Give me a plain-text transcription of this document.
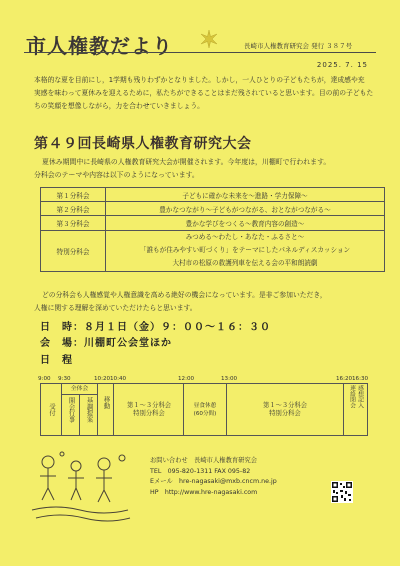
市人権教だより	長崎市人権教育研究会 発行 ３８７号
2025. 7. 15

本格的な夏を目前にし，1学期も残りわずかとなりました。しかし，一人ひとりの子どもたちが，達成感や充

実感を味わって夏休みを迎えるために，私たちができることはまだ残されていると思います。目の前の子どもた

ちの笑顔を想像しながら，力を合わせていきましょう。

第４９回長崎県人権教育研究大会

夏休み期間中に長崎県の人権教育研究大会が開催されます。今年度は，川棚町で行われます。

分科会のテーマや内容は以下のようになっています。

第１分科会	子どもに確かな未来を～進路・学力保障～
第２分科会	豊かなつながり～子どもがつながる、おとながつながる～
第３分科会	豊かな学びをつくる～教育内容の創造～
特別分科会	みつめる～わたし・あなた・ふるさと～
「誰もが住みやすい町づくり」をテーマにしたパネルディスカッション
大村市の松原の救護列車を伝える会の平和朗読劇

どの分科会も人権感覚や人権意識を高める絶好の機会になっています。是非ご参加いただき，

人権に関する理解を深めていただけたらと思います。

日　時：８月１日（金）９：００～１６：３０
会　場：川棚町公会堂ほか
日　程
9:00 9:30	10:20 10:40	12:00	13:00	16:20 16:30
受付
全体会
開会行事 基調提案 移動	第１～３分科会
特別分科会
昼食休憩
(60分間)
第１～３分科会
特別分科会
連絡閉会 感想記入
お問い合わせ　長崎市人権教育研究会
TEL　095-820-1311 FAX 095-82
Eメール　hre-nagasaki@mxb.cncm.ne.jp
HP　http://www.hre-nagasaki.com
